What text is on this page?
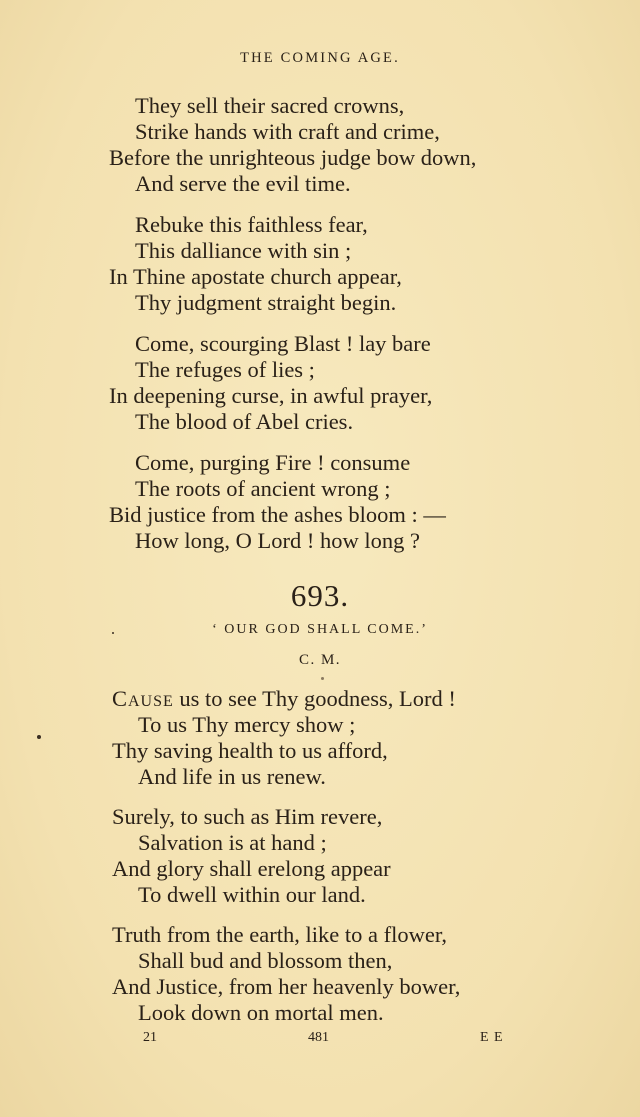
THE COMING AGE.
They sell their sacred crowns,
Strike hands with craft and crime,
Before the unrighteous judge bow down,
And serve the evil time.
Rebuke this faithless fear,
This dalliance with sin ;
In Thine apostate church appear,
Thy judgment straight begin.
Come, scourging Blast ! lay bare
The refuges of lies ;
In deepening curse, in awful prayer,
The blood of Abel cries.
Come, purging Fire ! consume
The roots of ancient wrong ;
Bid justice from the ashes bloom : —
How long, O Lord ! how long ?
693.
‘ OUR GOD SHALL COME.’
C. M.
Cause us to see Thy goodness, Lord !
To us Thy mercy show ;
Thy saving health to us afford,
And life in us renew.
Surely, to such as Him revere,
Salvation is at hand ;
And glory shall erelong appear
To dwell within our land.
Truth from the earth, like to a flower,
Shall bud and blossom then,
And Justice, from her heavenly bower,
Look down on mortal men.
21	481	E E
